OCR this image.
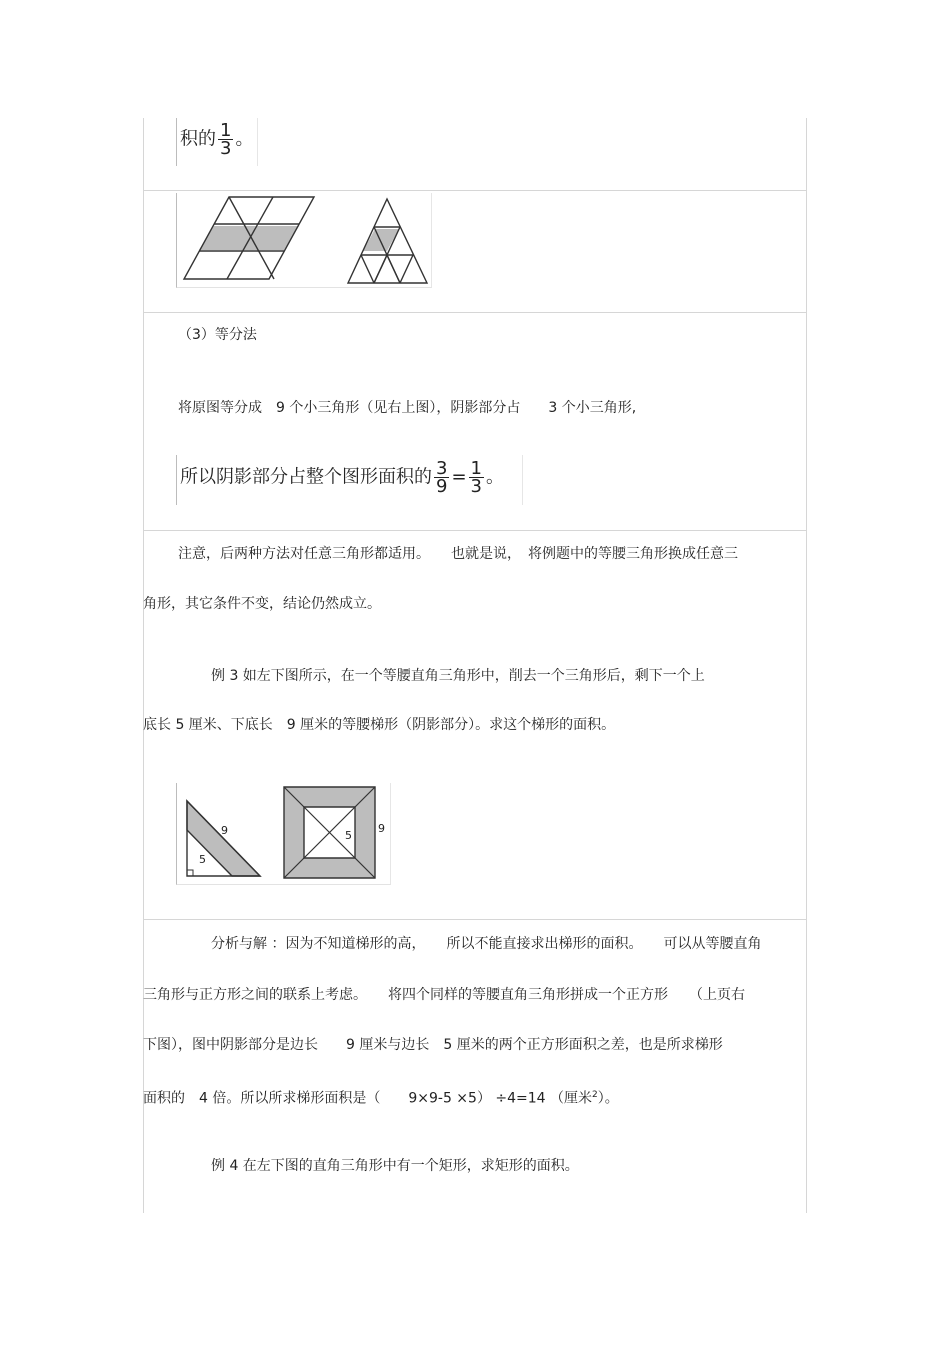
积的 $\frac{1}{3}$ 。
（3）等分法
将原图等分成　9 个小三角形（见右上图），阴影部分占　　3 个小三角形,
所以阴影部分占整个图形面积的 $\frac{3}{9} = \frac{1}{3}$ 。
注意，后两种方法对任意三角形都适用。　　也就是说，　将例题中的等腰三角形换成任意三
角形，其它条件不变，结论仍然成立。
例 3 如左下图所示，在一个等腰直角三角形中，削去一个三角形后，剩下一个上
底长 5 厘米、下底长　9 厘米的等腰梯形（阴影部分）。求这个梯形的面积。
9
5
5
9
分析与解 ：因为不知道梯形的高，　　所以不能直接求出梯形的面积。　　可以从等腰直角
三角形与正方形之间的联系上考虑。　　将四个同样的等腰直角三角形拼成一个正方形　　（上页右
下图），图中阴影部分是边长　　9 厘米与边长　5 厘米的两个正方形面积之差，也是所求梯形
面积的　4 倍。所以所求梯形面积是（　　9×9-5 ×5） ÷4=14 （厘米$^2$）。
例 4 在左下图的直角三角形中有一个矩形，求矩形的面积。
